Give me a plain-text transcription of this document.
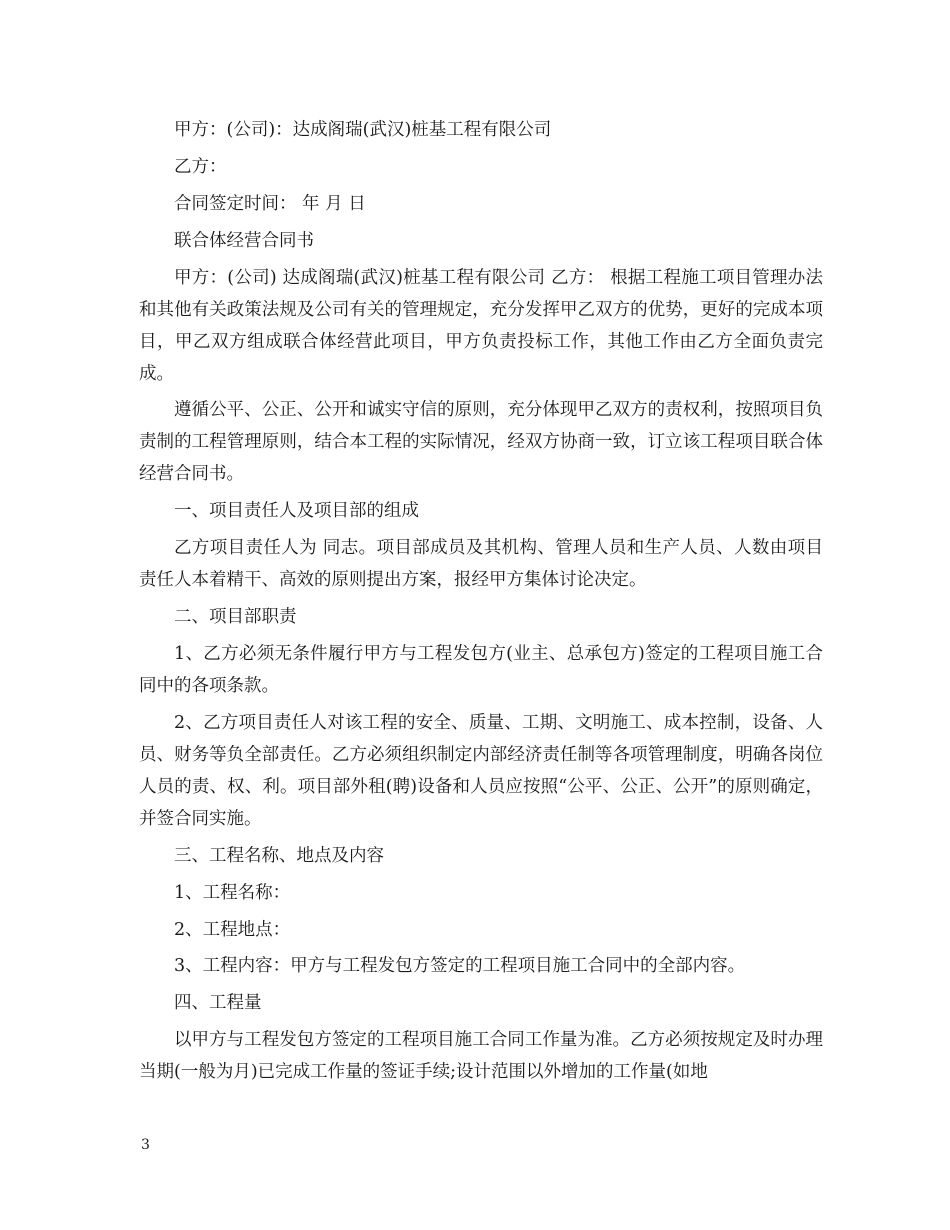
甲方：(公司)：达成阁瑞(武汉)桩基工程有限公司

乙方：

合同签定时间： 年 月 日

联合体经营合同书

甲方：(公司) 达成阁瑞(武汉)桩基工程有限公司 乙方： 根据工程施工项目管理办法和其他有关政策法规及公司有关的管理规定，充分发挥甲乙双方的优势，更好的完成本项目，甲乙双方组成联合体经营此项目，甲方负责投标工作，其他工作由乙方全面负责完成。

遵循公平、公正、公开和诚实守信的原则，充分体现甲乙双方的责权利，按照项目负责制的工程管理原则，结合本工程的实际情况，经双方协商一致，订立该工程项目联合体经营合同书。

一、项目责任人及项目部的组成

乙方项目责任人为 同志。项目部成员及其机构、管理人员和生产人员、人数由项目责任人本着精干、高效的原则提出方案，报经甲方集体讨论决定。

二、项目部职责

1、乙方必须无条件履行甲方与工程发包方(业主、总承包方)签定的工程项目施工合同中的各项条款。

2、乙方项目责任人对该工程的安全、质量、工期、文明施工、成本控制，设备、人员、财务等负全部责任。乙方必须组织制定内部经济责任制等各项管理制度，明确各岗位人员的责、权、利。项目部外租(聘)设备和人员应按照“公平、公正、公开”的原则确定，并签合同实施。

三、工程名称、地点及内容

1、工程名称：

2、工程地点：

3、工程内容：甲方与工程发包方签定的工程项目施工合同中的全部内容。

四、工程量

以甲方与工程发包方签定的工程项目施工合同工作量为准。乙方必须按规定及时办理当期(一般为月)已完成工作量的签证手续;设计范围以外增加的工作量(如地

3
